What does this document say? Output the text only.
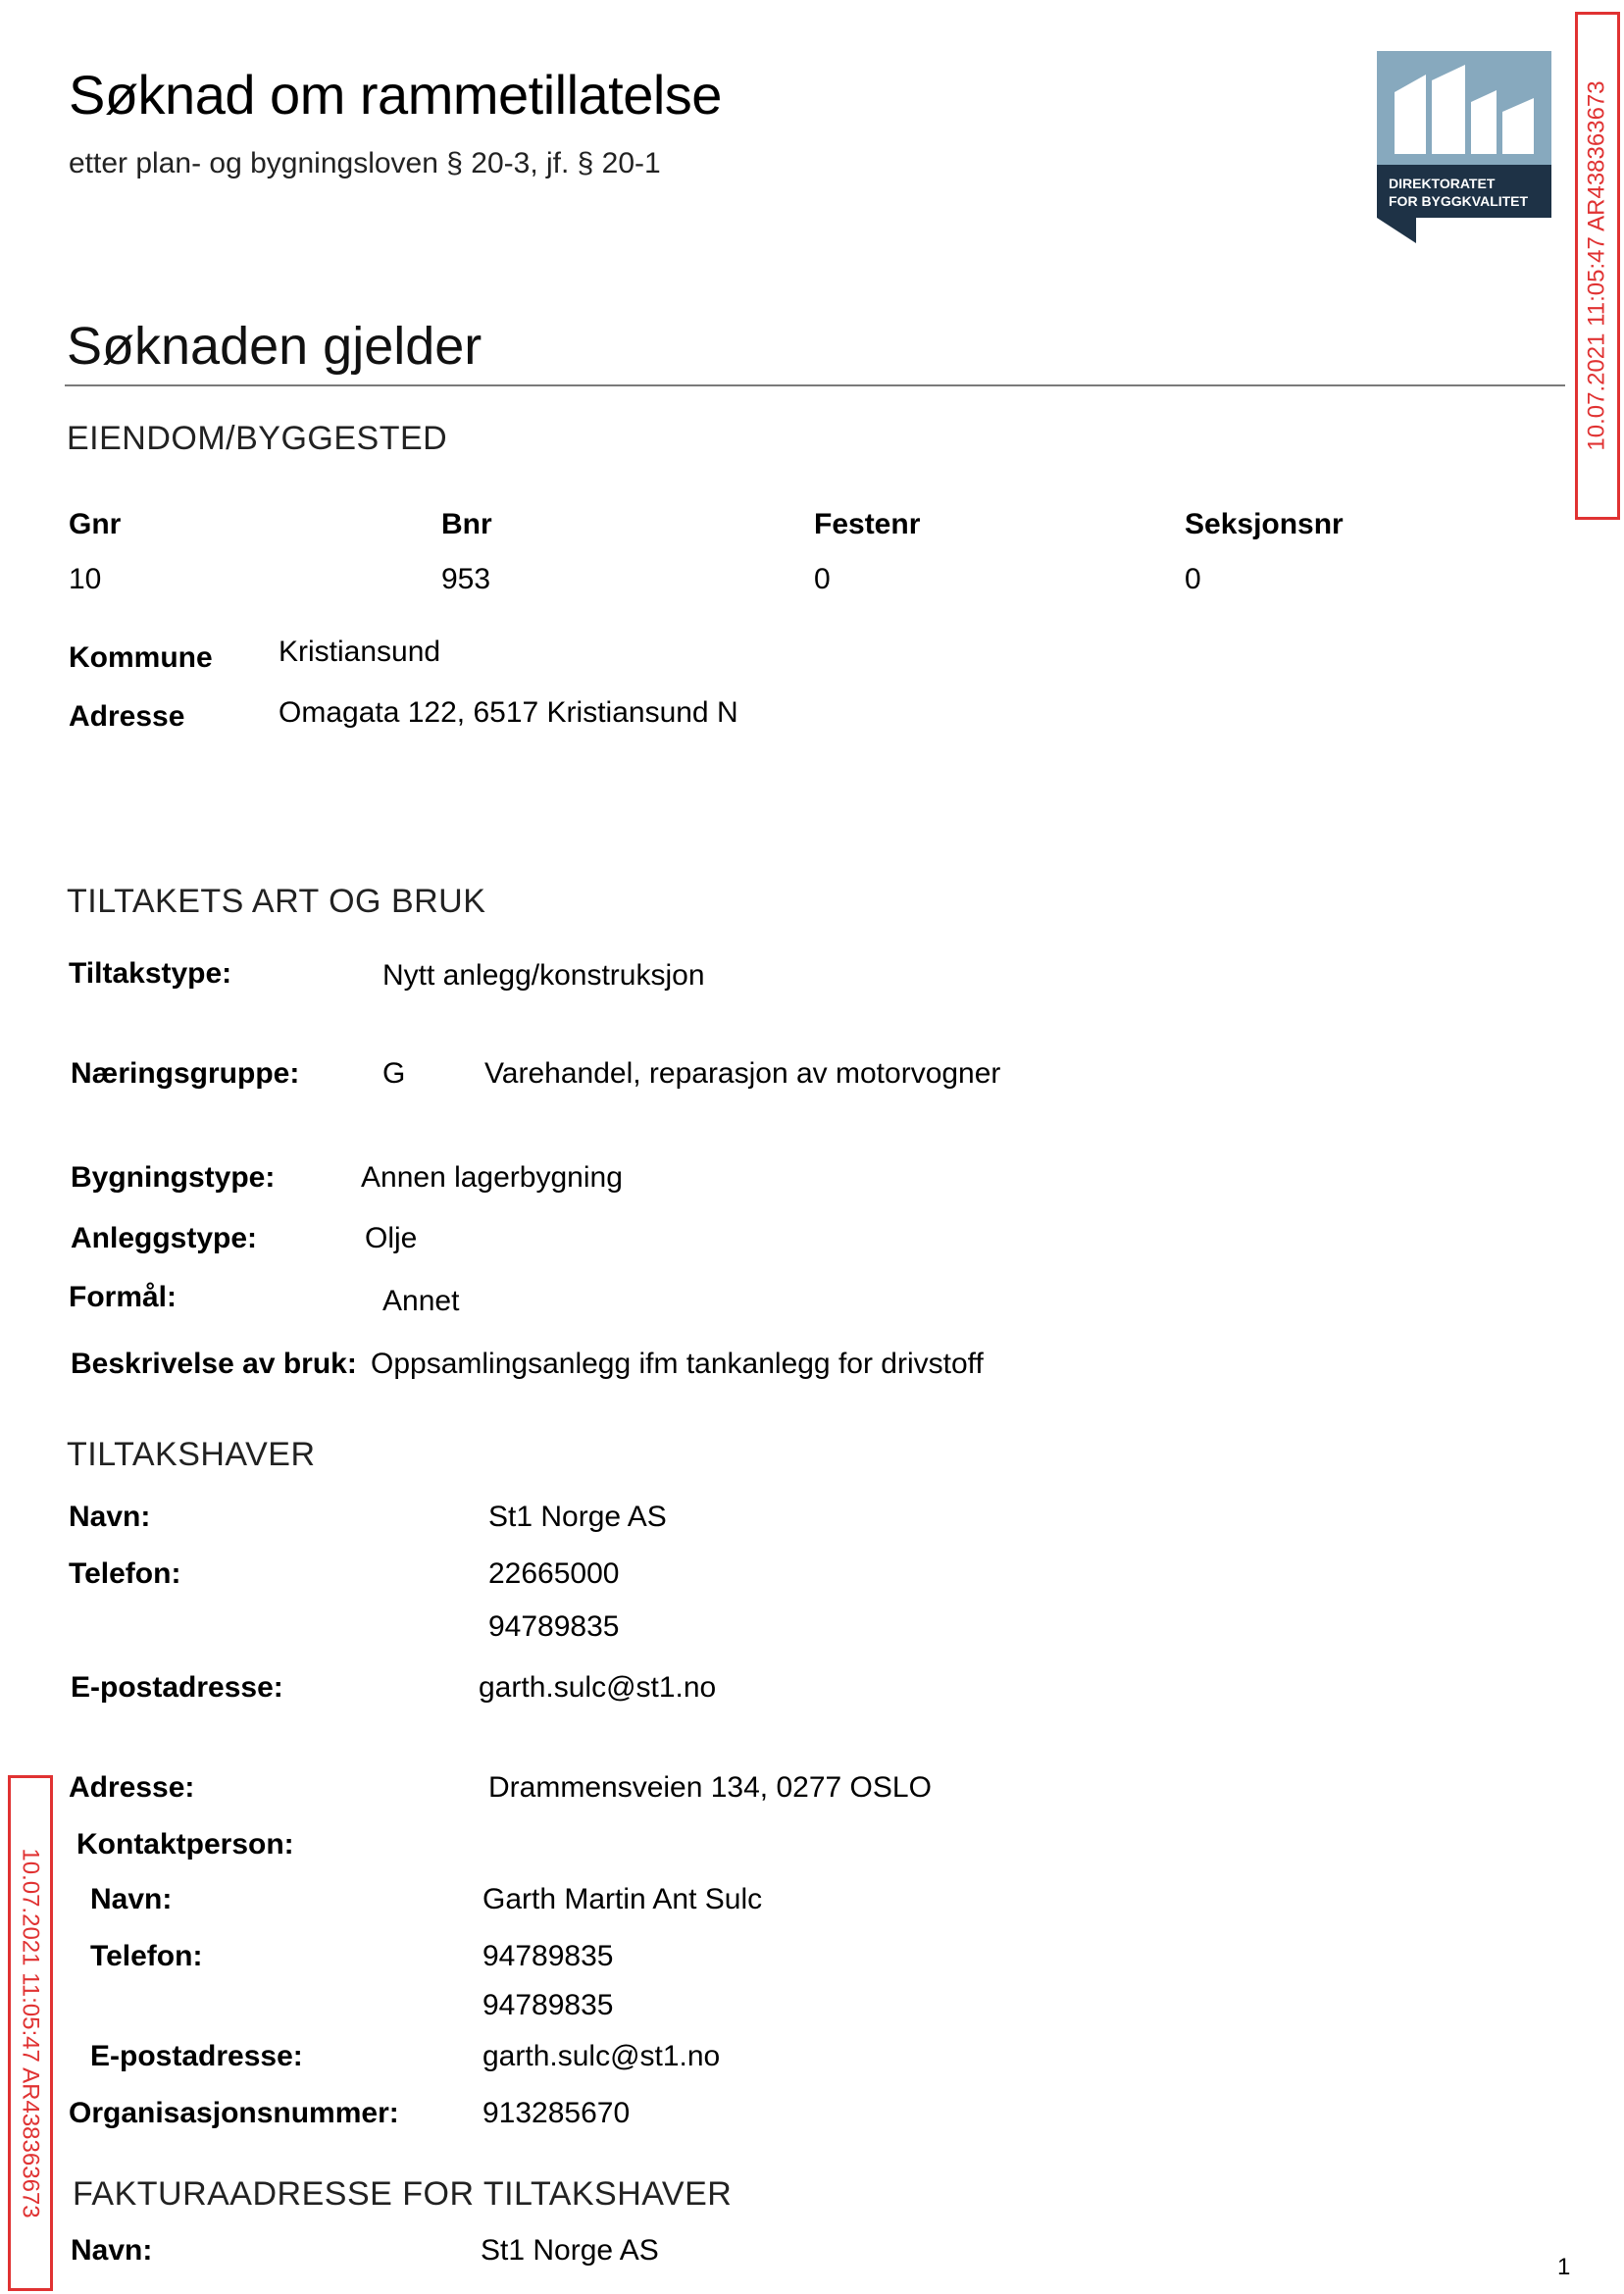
Søknad om rammetillatelse
etter plan- og bygningsloven § 20-3, jf. § 20-1
DIREKTORATET
FOR BYGGKVALITET 10.07.2021 11:05:47 AR438363673
10.07.2021 11:05:47 AR438363673
Søknaden gjelder
EIENDOM/BYGGESTED
Gnr	Bnr	Festenr	Seksjonsnr
10	953	0	0
Kommune Kristiansund
Adresse	Omagata 122, 6517 Kristiansund N
TILTAKETS ART OG BRUK
Tiltakstype:	Nytt anlegg/konstruksjon
Næringsgruppe:	G	Varehandel, reparasjon av motorvogner
Bygningstype:	Annen lagerbygning
Anleggstype:	Olje
Formål:	Annet
Beskrivelse av bruk: Oppsamlingsanlegg ifm tankanlegg for drivstoff
TILTAKSHAVER
Navn:	St1 Norge AS
Telefon:	22665000
94789835
E-postadresse:	garth.sulc@st1.no
Adresse:	Drammensveien 134, 0277 OSLO
Kontaktperson:
Navn:	Garth Martin Ant Sulc
Telefon:	94789835
94789835
E-postadresse:	garth.sulc@st1.no
Organisasjonsnummer:	913285670
FAKTURAADRESSE FOR TILTAKSHAVER
Navn:	St1 Norge AS
1
